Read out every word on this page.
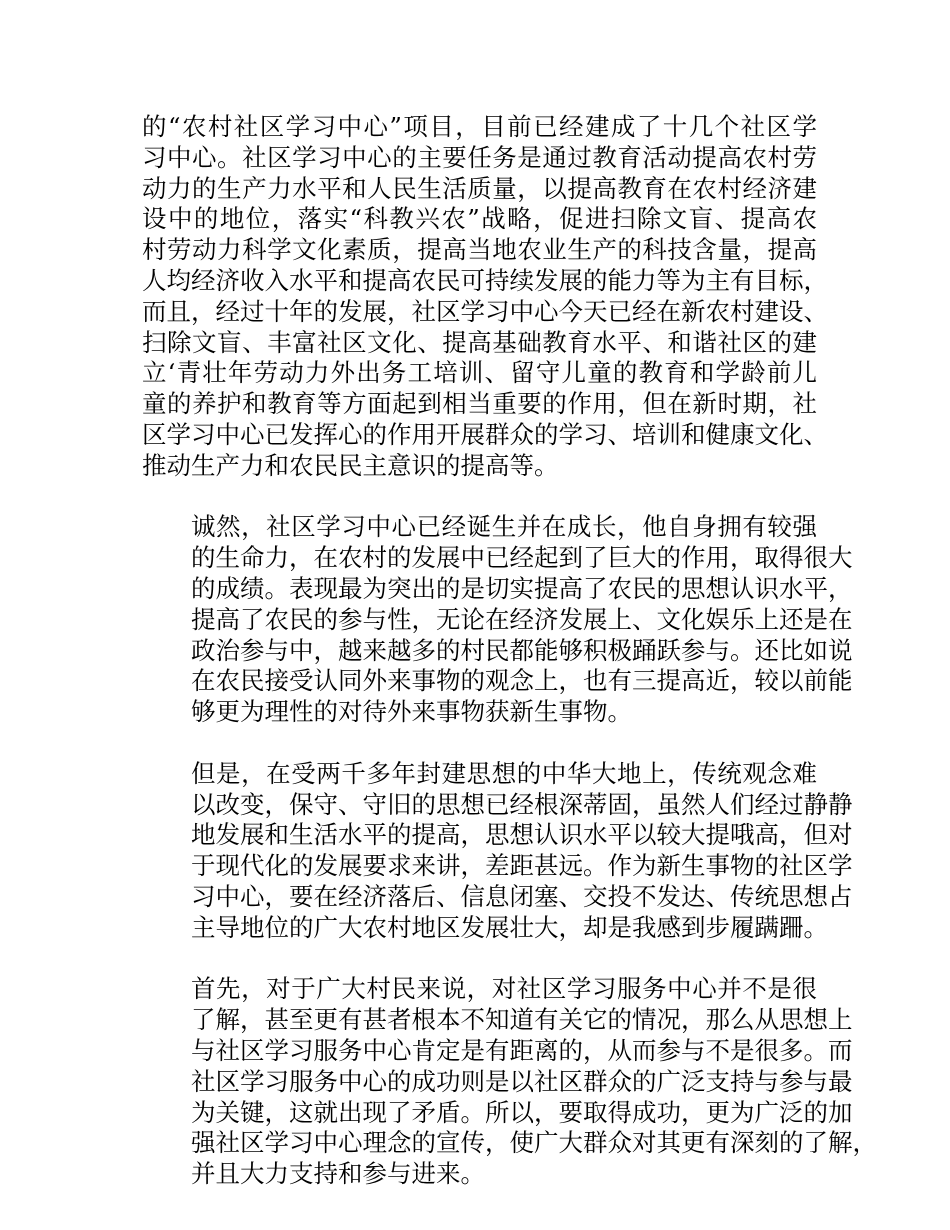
的“农村社区学习中心”项目，目前已经建成了十几个社区学
习中心。社区学习中心的主要任务是通过教育活动提高农村劳
动力的生产力水平和人民生活质量，以提高教育在农村经济建
设中的地位，落实“科教兴农”战略，促进扫除文盲、提高农
村劳动力科学文化素质，提高当地农业生产的科技含量，提高
人均经济收入水平和提高农民可持续发展的能力等为主有目标，
而且，经过十年的发展，社区学习中心今天已经在新农村建设、
扫除文盲、丰富社区文化、提高基础教育水平、和谐社区的建
立‘青壮年劳动力外出务工培训、留守儿童的教育和学龄前儿
童的养护和教育等方面起到相当重要的作用，但在新时期，社
区学习中心已发挥心的作用开展群众的学习、培训和健康文化、
推动生产力和农民民主意识的提高等。
诚然，社区学习中心已经诞生并在成长，他自身拥有较强
的生命力，在农村的发展中已经起到了巨大的作用，取得很大
的成绩。表现最为突出的是切实提高了农民的思想认识水平，
提高了农民的参与性，无论在经济发展上、文化娱乐上还是在
政治参与中，越来越多的村民都能够积极踊跃参与。还比如说
在农民接受认同外来事物的观念上，也有三提高近，较以前能
够更为理性的对待外来事物获新生事物。
但是，在受两千多年封建思想的中华大地上，传统观念难
以改变，保守、守旧的思想已经根深蒂固，虽然人们经过静静
地发展和生活水平的提高，思想认识水平以较大提哦高，但对
于现代化的发展要求来讲，差距甚远。作为新生事物的社区学
习中心，要在经济落后、信息闭塞、交投不发达、传统思想占
主导地位的广大农村地区发展壮大，却是我感到步履蹒跚。
首先，对于广大村民来说，对社区学习服务中心并不是很
了解，甚至更有甚者根本不知道有关它的情况，那么从思想上
与社区学习服务中心肯定是有距离的，从而参与不是很多。而
社区学习服务中心的成功则是以社区群众的广泛支持与参与最
为关键，这就出现了矛盾。所以，要取得成功，更为广泛的加
强社区学习中心理念的宣传，使广大群众对其更有深刻的了解，
并且大力支持和参与进来。
